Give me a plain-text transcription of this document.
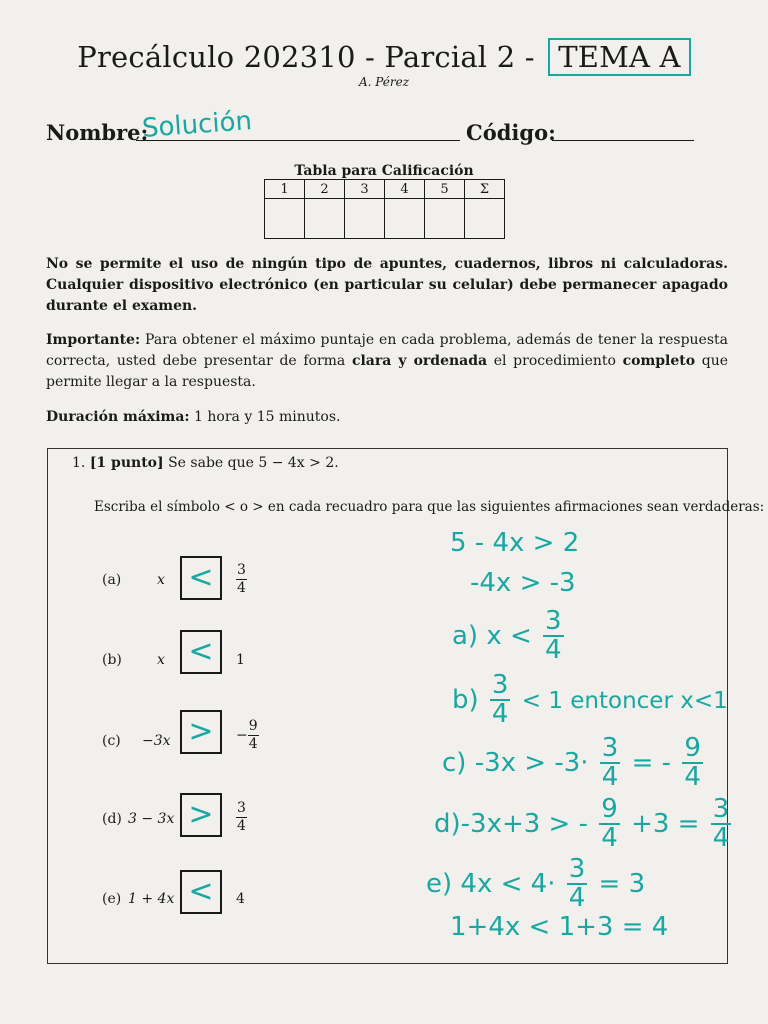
Precálculo 202310 - Parcial 2 - TEMA A
A. Pérez
Nombre:
Solución	Código:
Tabla para Calificación
1	2	3	4	5	Σ

No se permite el uso de ningún tipo de apuntes, cuadernos, libros ni calculadoras. Cualquier dispositivo electrónico (en particular su celular) debe permanecer apagado durante el examen.
Importante: Para obtener el máximo puntaje en cada problema, además de tener la respuesta correcta, usted debe presentar de forma clara y ordenada el procedimiento completo que permite llegar a la respuesta.
Duración máxima: 1 hora y 15 minutos.
1. [1 punto] Se sabe que 5 − 4x > 2.
Escriba el símbolo < o > en cada recuadro para que las siguientes afirmaciones sean verdaderas:
(a)	x <	$\frac{3}{4}$
(b)	x <	1
(c) −3x >	− $\frac{9}{4}$
(d) 3 − 3x >	$\frac{3}{4}$
(e) 1 + 4x <	4
5 - 4x > 2
-4x > -3
a) $x < \frac{3}{4}$
$b) \frac{3}{4} < 1$ entoncer x<1
c) $-3x > -3\cdot \frac{3}{4}$ = - $\frac{9}{4}$
d)-3x+3 > - $\frac{9}{4} +3 = \frac{3}{4}$
e) $4x < 4\cdot \frac{3}{4} = 3$
1+4x < 1+3 = 4
